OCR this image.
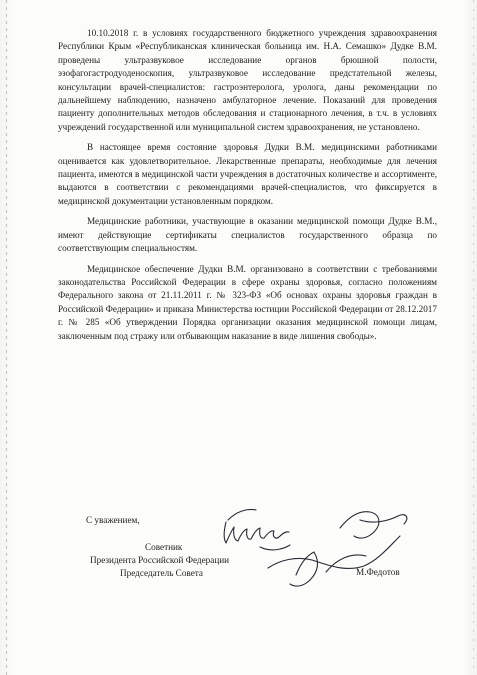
10.10.2018 г. в условиях государственного бюджетного учреждения здравоохранения Республики Крым «Республиканская клиническая больница им. Н.А. Семашко» Дудке В.М. проведены ультразвуковое исследование органов брюшной полости, эзофагогастродуоденоскопия, ультразвуковое исследование предстательной железы, консультации врачей-специалистов: гастроэнтеролога, уролога, даны рекомендации по дальнейшему наблюдению, назначено амбулаторное лечение. Показаний для проведения пациенту дополнительных методов обследования и стационарного лечения, в т.ч. в условиях учреждений государственной или муниципальной систем здравоохранения, не установлено.

В настоящее время состояние здоровья Дудки В.М. медицинскими работниками оценивается как удовлетворительное. Лекарственные препараты, необходимые для лечения пациента, имеются в медицинской части учреждения в достаточных количестве и ассортименте, выдаются в соответствии с рекомендациями врачей-специалистов, что фиксируется в медицинской документации установленным порядком.

Медицинские работники, участвующие в оказании медицинской помощи Дудке В.М., имеют действующие сертификаты специалистов государственного образца по соответствующим специальностям.

Медицинское обеспечение Дудки В.М. организовано в соответствии с требованиями законодательства Российской Федерации в сфере охраны здоровья, согласно положениям Федерального закона от 21.11.2011 г. № 323-ФЗ «Об основах охраны здоровья граждан в Российской Федерации» и приказа Министерства юстиции Российской Федерации от 28.12.2017 г. № 285 «Об утверждении Порядка организации оказания медицинской помощи лицам, заключенным под стражу или отбывающим наказание в виде лишения свободы».

С уважением,
Советник
Президента Российской Федерации
Председатель Совета	М.Федотов
